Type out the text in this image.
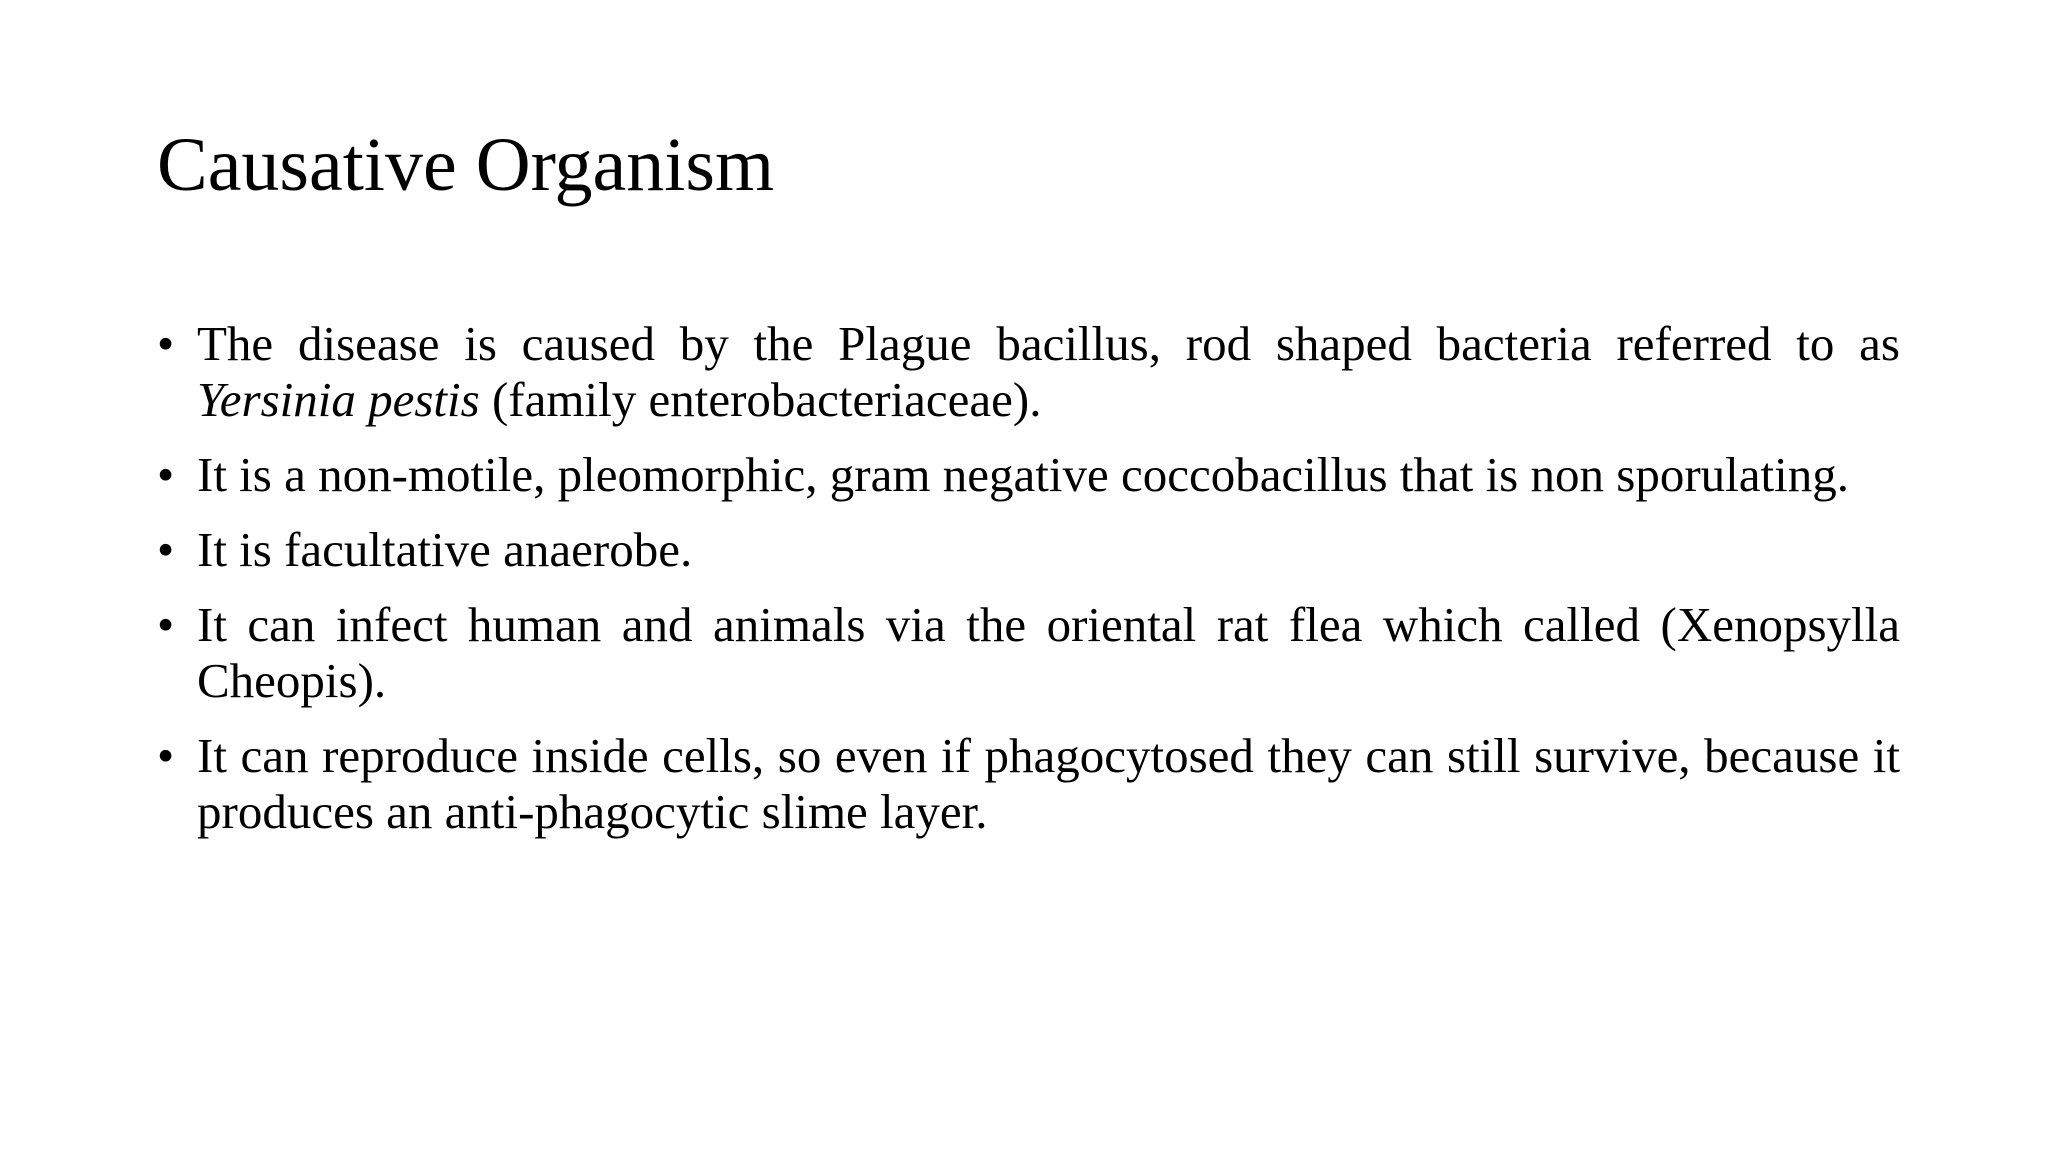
Causative Organism
• The disease is caused by the Plague bacillus, rod shaped bacteria referred to as Yersinia pestis (family enterobacteriaceae).
• It is a non-motile, pleomorphic, gram negative coccobacillus that is non sporulating.
• It is facultative anaerobe.
• It can infect human and animals via the oriental rat flea which called (Xenopsylla Cheopis).
• It can reproduce inside cells, so even if phagocytosed they can still survive, because it produces an anti-phagocytic slime layer.
